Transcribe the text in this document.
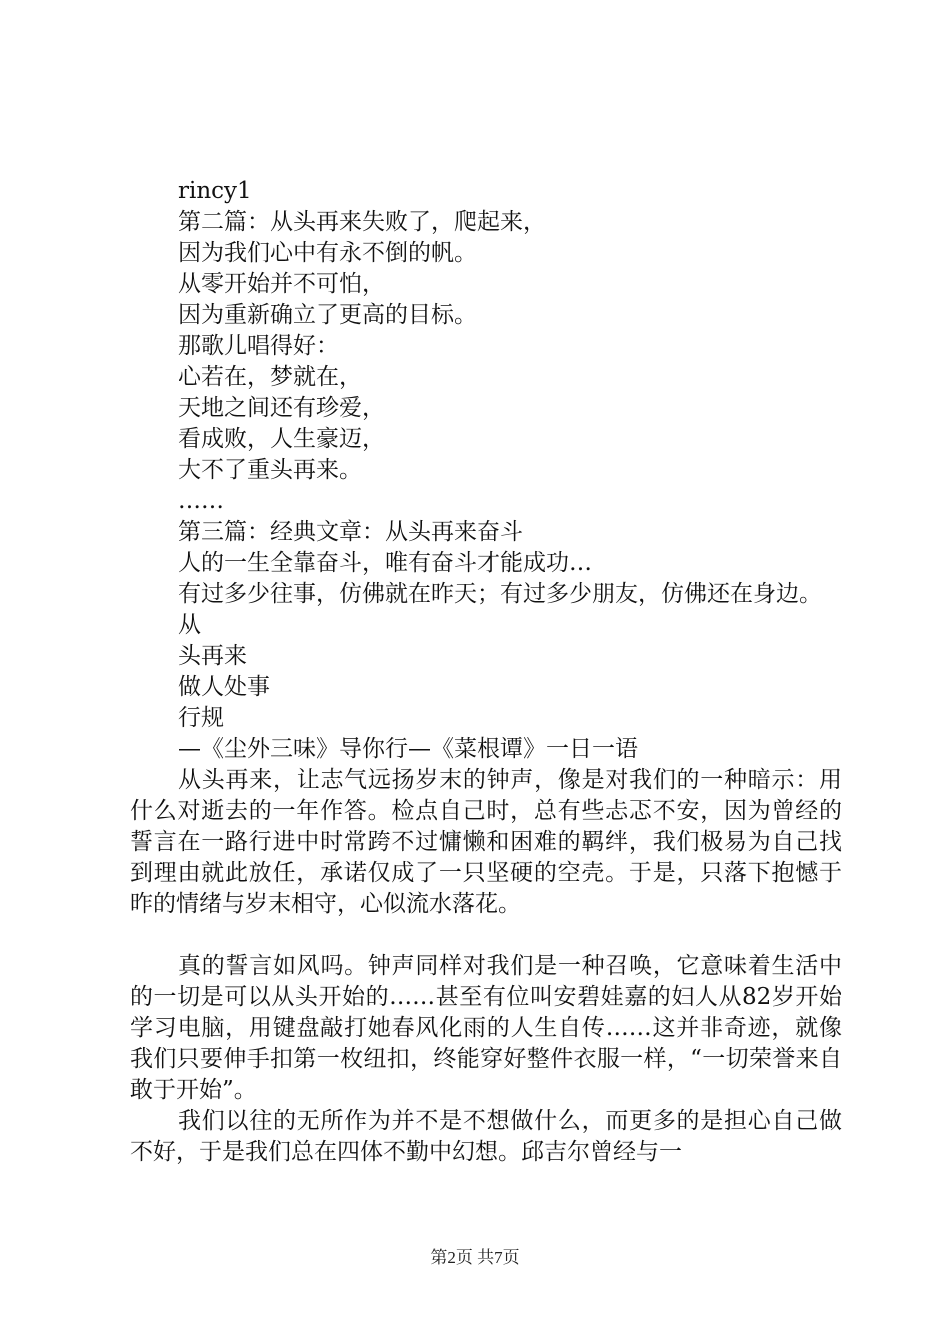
rincy1

第二篇：从头再来失败了，爬起来，

因为我们心中有永不倒的帆。

从零开始并不可怕，

因为重新确立了更高的目标。

那歌儿唱得好：

心若在，梦就在，

天地之间还有珍爱，

看成败，人生豪迈，

大不了重头再来。

……

第三篇：经典文章：从头再来奋斗

人的一生全靠奋斗，唯有奋斗才能成功…

有过多少往事，仿佛就在昨天；有过多少朋友，仿佛还在身边。

从

头再来

做人处事

行规

—《尘外三味》导你行—《菜根谭》一日一语

从头再来，让志气远扬岁末的钟声，像是对我们的一种暗示：用什么对逝去的一年作答。检点自己时，总有些忐忑不安，因为曾经的誓言在一路行进中时常跨不过慵懒和困难的羁绊，我们极易为自己找到理由就此放任，承诺仅成了一只坚硬的空壳。于是，只落下抱憾于昨的情绪与岁末相守，心似流水落花。

真的誓言如风吗。钟声同样对我们是一种召唤，它意味着生活中的一切是可以从头开始的……甚至有位叫安碧娃嘉的妇人从82岁开始学习电脑，用键盘敲打她春风化雨的人生自传……这并非奇迹，就像我们只要伸手扣第一枚纽扣，终能穿好整件衣服一样，“一切荣誉来自敢于开始”。

我们以往的无所作为并不是不想做什么，而更多的是担心自己做不好，于是我们总在四体不勤中幻想。邱吉尔曾经与一

第2页 共7页
